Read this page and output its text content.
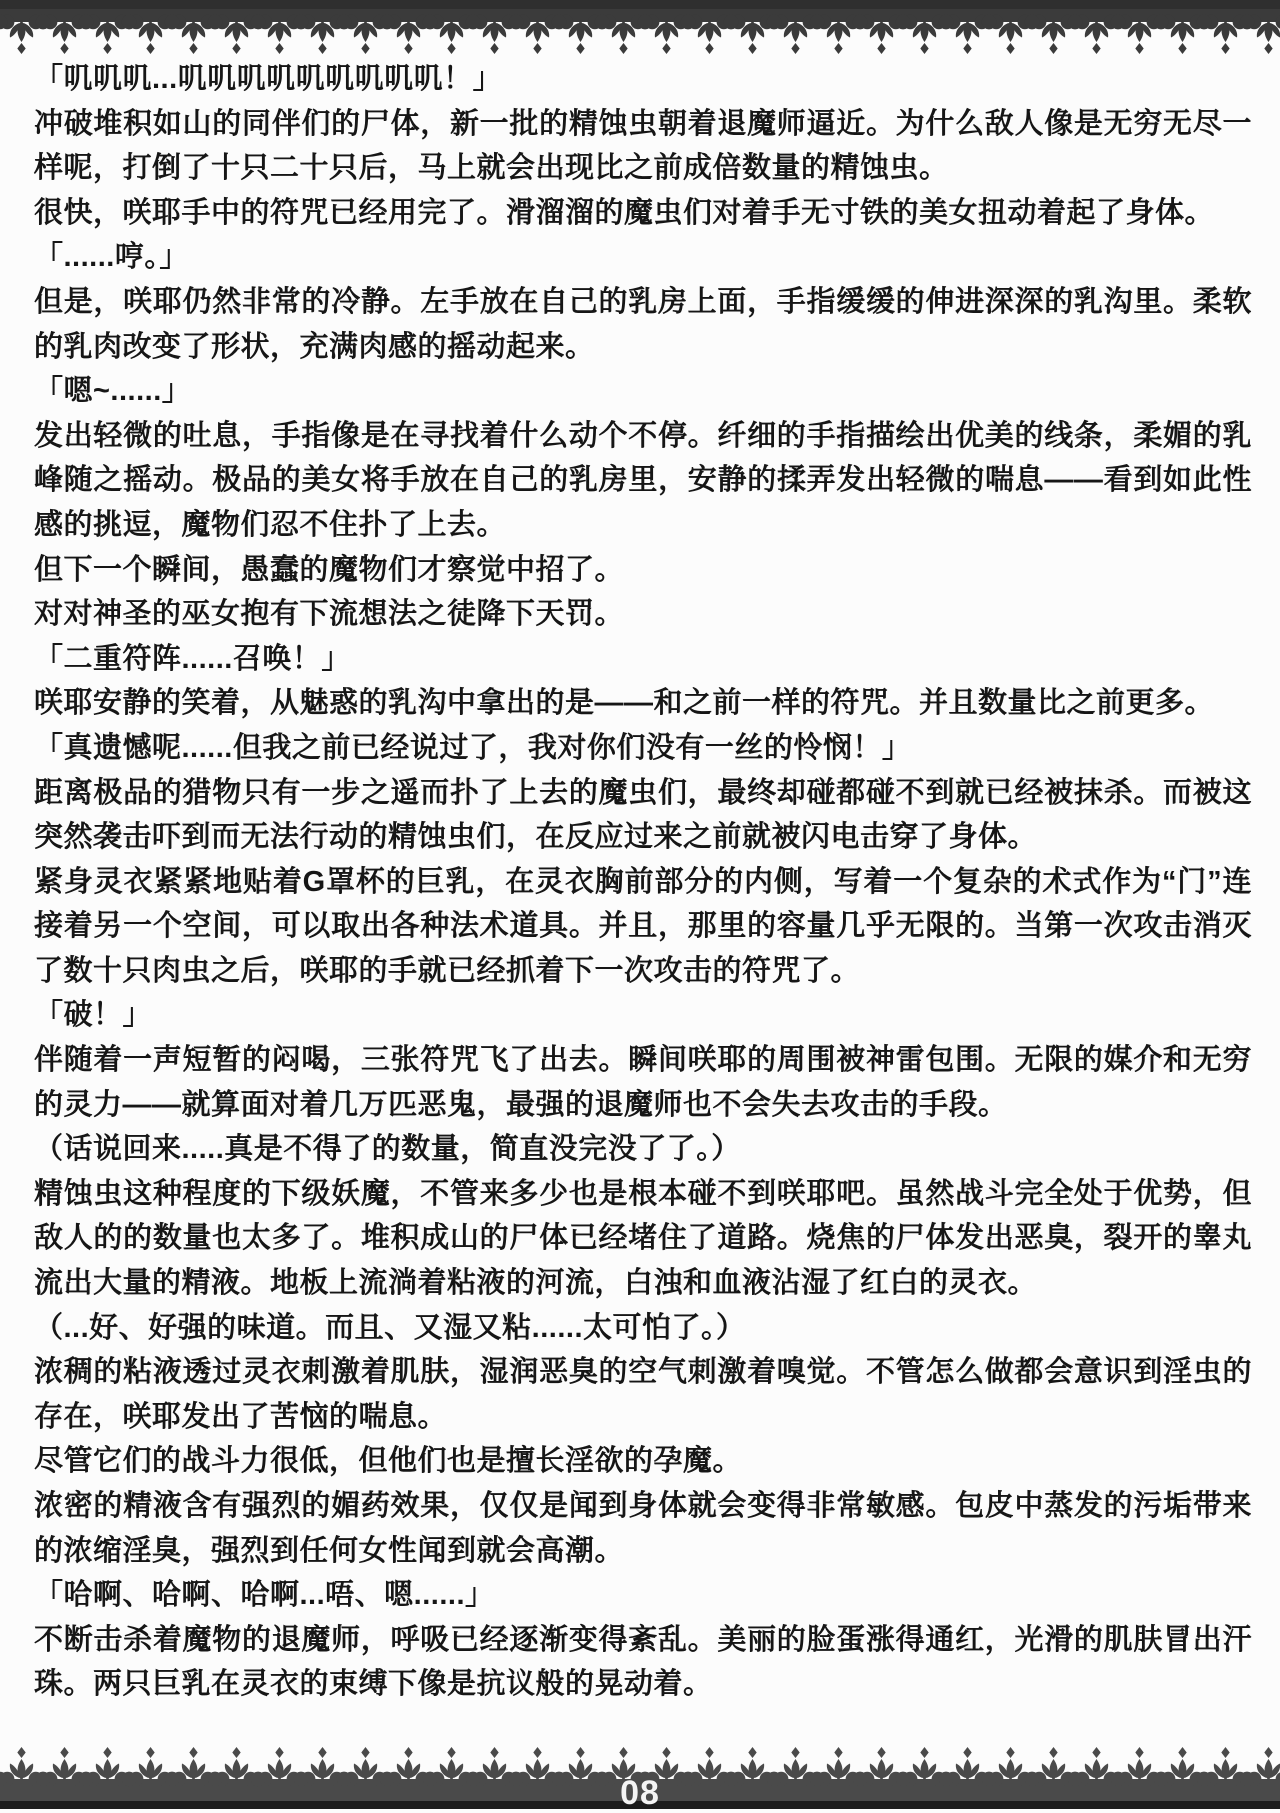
「叽叽叽...叽叽叽叽叽叽叽叽叽！」

冲破堆积如山的同伴们的尸体，新一批的精蚀虫朝着退魔师逼近。为什么敌人像是无穷无尽一样呢，打倒了十只二十只后，马上就会出现比之前成倍数量的精蚀虫。

很快，咲耶手中的符咒已经用完了。滑溜溜的魔虫们对着手无寸铁的美女扭动着起了身体。

「......哼。」

但是，咲耶仍然非常的冷静。左手放在自己的乳房上面，手指缓缓的伸进深深的乳沟里。柔软的乳肉改变了形状，充满肉感的摇动起来。

「嗯~......」

发出轻微的吐息，手指像是在寻找着什么动个不停。纤细的手指描绘出优美的线条，柔媚的乳峰随之摇动。极品的美女将手放在自己的乳房里，安静的揉弄发出轻微的喘息——看到如此性感的挑逗，魔物们忍不住扑了上去。

但下一个瞬间，愚蠢的魔物们才察觉中招了。

对对神圣的巫女抱有下流想法之徒降下天罚。

「二重符阵......召唤！」

咲耶安静的笑着，从魅惑的乳沟中拿出的是——和之前一样的符咒。并且数量比之前更多。

「真遗憾呢......但我之前已经说过了，我对你们没有一丝的怜悯！」

距离极品的猎物只有一步之遥而扑了上去的魔虫们，最终却碰都碰不到就已经被抹杀。而被这突然袭击吓到而无法行动的精蚀虫们，在反应过来之前就被闪电击穿了身体。

紧身灵衣紧紧地贴着G罩杯的巨乳，在灵衣胸前部分的内侧，写着一个复杂的术式作为“门”连接着另一个空间，可以取出各种法术道具。并且，那里的容量几乎无限的。当第一次攻击消灭了数十只肉虫之后，咲耶的手就已经抓着下一次攻击的符咒了。

「破！」

伴随着一声短暂的闷喝，三张符咒飞了出去。瞬间咲耶的周围被神雷包围。无限的媒介和无穷的灵力——就算面对着几万匹恶鬼，最强的退魔师也不会失去攻击的手段。

（话说回来.....真是不得了的数量，简直没完没了了。）

精蚀虫这种程度的下级妖魔，不管来多少也是根本碰不到咲耶吧。虽然战斗完全处于优势，但敌人的的数量也太多了。堆积成山的尸体已经堵住了道路。烧焦的尸体发出恶臭，裂开的睾丸流出大量的精液。地板上流淌着粘液的河流，白浊和血液沾湿了红白的灵衣。

（...好、好强的味道。而且、又湿又粘......太可怕了。）

浓稠的粘液透过灵衣刺激着肌肤，湿润恶臭的空气刺激着嗅觉。不管怎么做都会意识到淫虫的存在，咲耶发出了苦恼的喘息。

尽管它们的战斗力很低，但他们也是擅长淫欲的孕魔。

浓密的精液含有强烈的媚药效果，仅仅是闻到身体就会变得非常敏感。包皮中蒸发的污垢带来的浓缩淫臭，强烈到任何女性闻到就会高潮。

「哈啊、哈啊、哈啊...唔、嗯......」

不断击杀着魔物的退魔师，呼吸已经逐渐变得紊乱。美丽的脸蛋涨得通红，光滑的肌肤冒出汗珠。两只巨乳在灵衣的束缚下像是抗议般的晃动着。

08
